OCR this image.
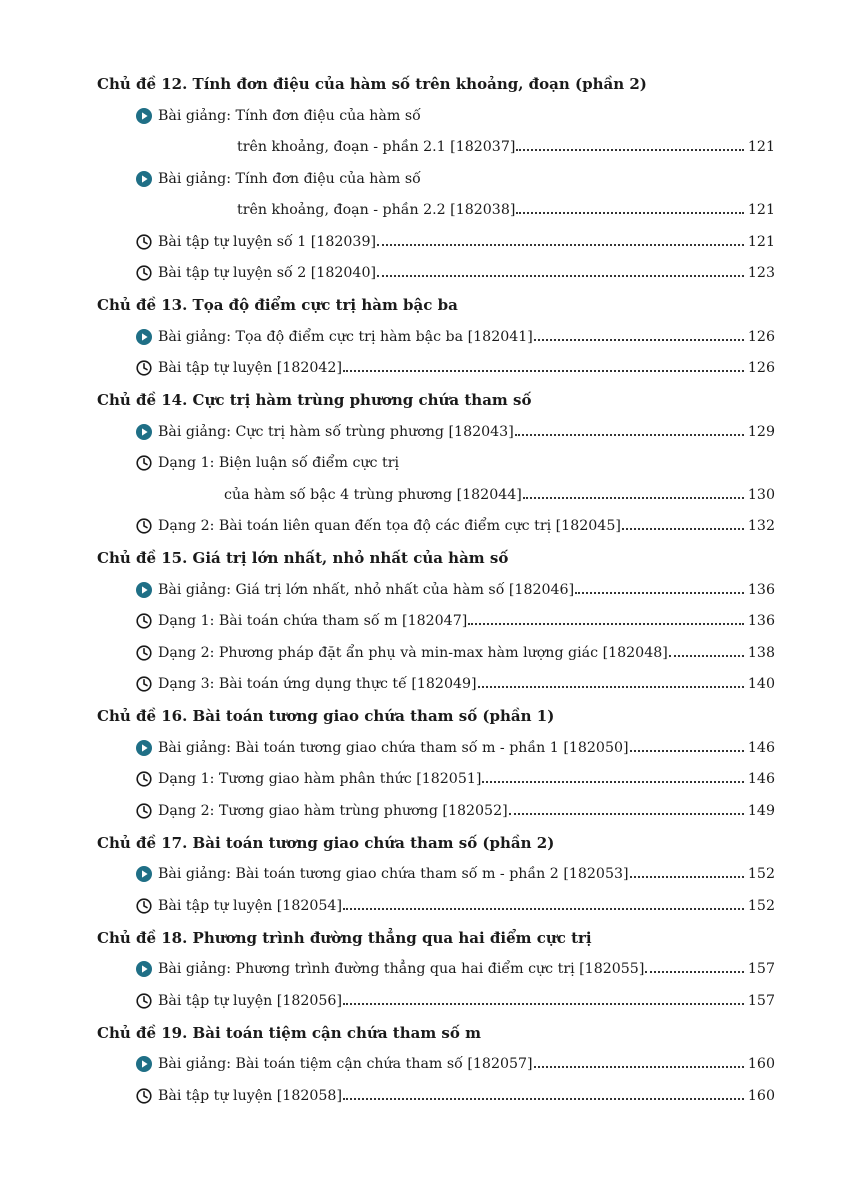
Chủ đề 12. Tính đơn điệu của hàm số trên khoảng, đoạn (phần 2)
Bài giảng: Tính đơn điệu của hàm số
trên khoảng, đoạn - phần 2.1 [182037]	121
Bài giảng: Tính đơn điệu của hàm số
trên khoảng, đoạn - phần 2.2 [182038]	121
Bài tập tự luyện số 1 [182039]	121
Bài tập tự luyện số 2 [182040]	123
Chủ đề 13. Tọa độ điểm cực trị hàm bậc ba
Bài giảng: Tọa độ điểm cực trị hàm bậc ba [182041]	126
Bài tập tự luyện [182042]	126
Chủ đề 14. Cực trị hàm trùng phương chứa tham số
Bài giảng: Cực trị hàm số trùng phương [182043]	129
Dạng 1: Biện luận số điểm cực trị
của hàm số bậc 4 trùng phương [182044]	130
Dạng 2: Bài toán liên quan đến tọa độ các điểm cực trị [182045]	132
Chủ đề 15. Giá trị lớn nhất, nhỏ nhất của hàm số
Bài giảng: Giá trị lớn nhất, nhỏ nhất của hàm số [182046]	136
Dạng 1: Bài toán chứa tham số m [182047]	136
Dạng 2: Phương pháp đặt ẩn phụ và min-max hàm lượng giác [182048]	138
Dạng 3: Bài toán ứng dụng thực tế [182049]	140
Chủ đề 16. Bài toán tương giao chứa tham số (phần 1)
Bài giảng: Bài toán tương giao chứa tham số m - phần 1 [182050]	146
Dạng 1: Tương giao hàm phân thức [182051]	146
Dạng 2: Tương giao hàm trùng phương [182052]	149
Chủ đề 17. Bài toán tương giao chứa tham số (phần 2)
Bài giảng: Bài toán tương giao chứa tham số m - phần 2 [182053]	152
Bài tập tự luyện [182054]	152
Chủ đề 18. Phương trình đường thẳng qua hai điểm cực trị
Bài giảng: Phương trình đường thẳng qua hai điểm cực trị [182055]	157
Bài tập tự luyện [182056]	157
Chủ đề 19. Bài toán tiệm cận chứa tham số m
Bài giảng: Bài toán tiệm cận chứa tham số [182057]	160
Bài tập tự luyện [182058]	160
